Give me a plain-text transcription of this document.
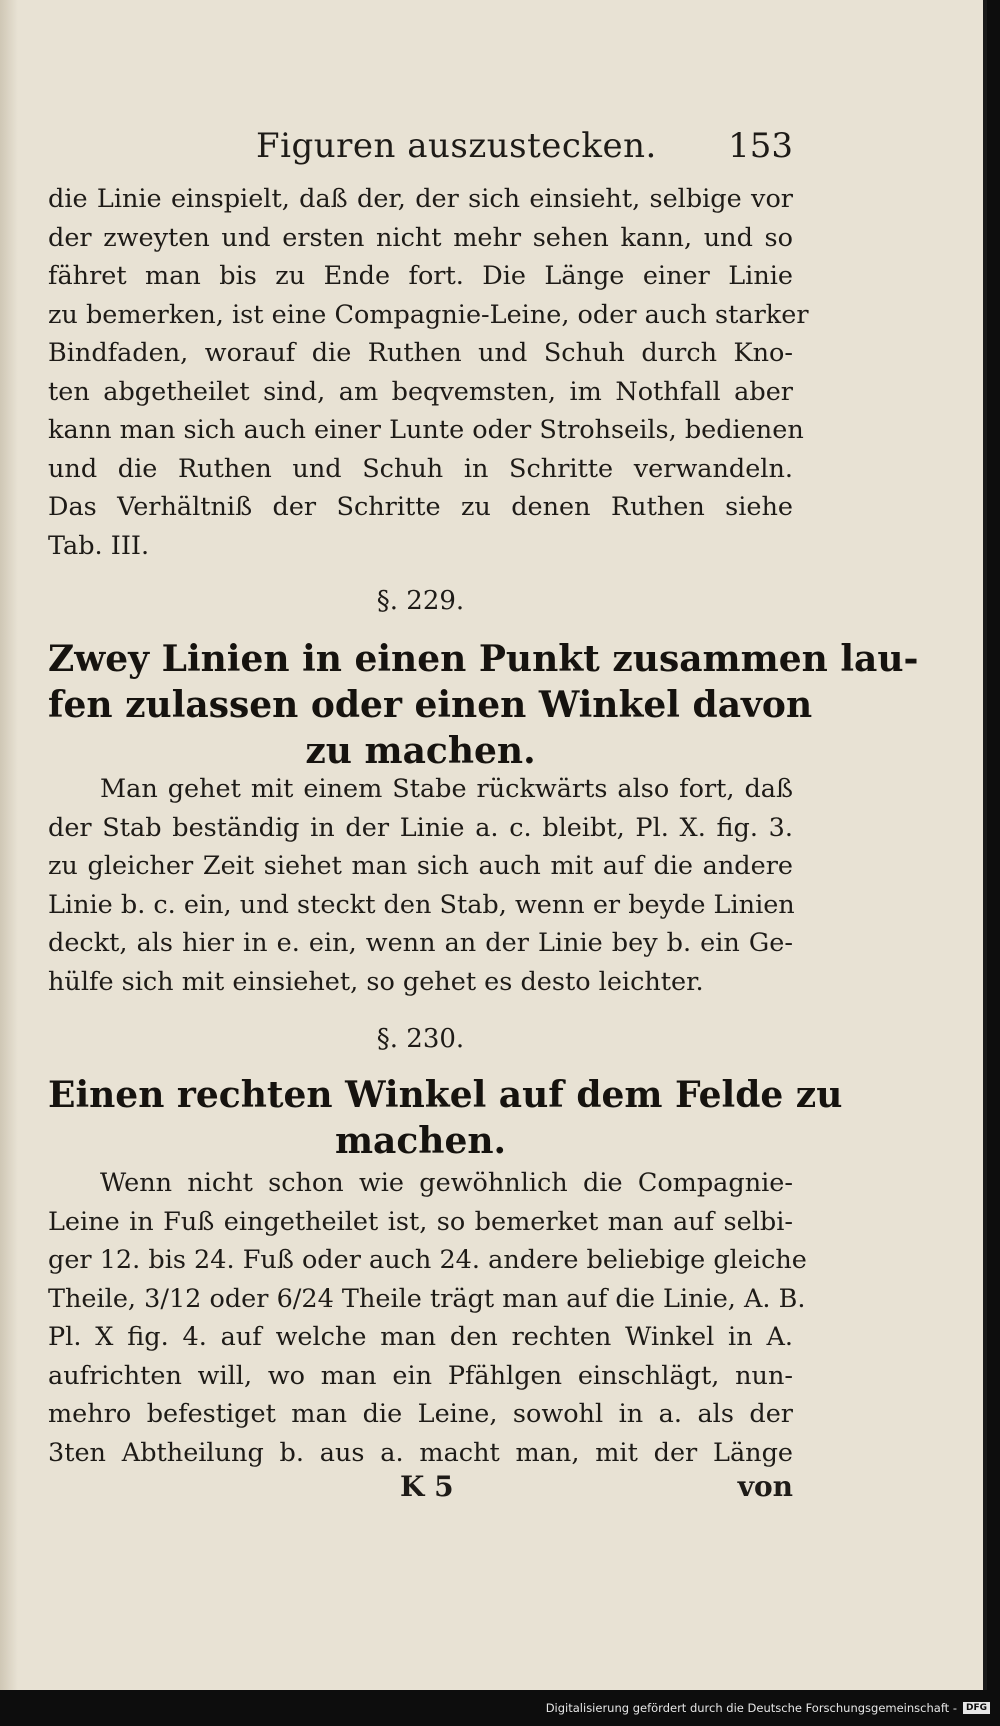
Figuren auszustecken. 153
die Linie einspielt, daß der, der sich einsieht, selbige vor
der zweyten und ersten nicht mehr sehen kann, und so
fähret man bis zu Ende fort. Die Länge einer Linie
zu bemerken, ist eine Compagnie-Leine, oder auch starker
Bindfaden, worauf die Ruthen und Schuh durch Kno-
ten abgetheilet sind, am beqvemsten, im Nothfall aber
kann man sich auch einer Lunte oder Strohseils, bedienen
und die Ruthen und Schuh in Schritte verwandeln.
Das Verhältniß der Schritte zu denen Ruthen siehe
Tab. III.
§. 229.
Zwey Linien in einen Punkt zusammen lau-
fen zulassen oder einen Winkel davon
zu machen.
Man gehet mit einem Stabe rückwärts also fort, daß
der Stab beständig in der Linie a. c. bleibt, Pl. X. fig. 3.
zu gleicher Zeit siehet man sich auch mit auf die andere
Linie b. c. ein, und steckt den Stab, wenn er beyde Linien
deckt, als hier in e. ein, wenn an der Linie bey b. ein Ge-
hülfe sich mit einsiehet, so gehet es desto leichter.
§. 230.
Einen rechten Winkel auf dem Felde zu
machen.
Wenn nicht schon wie gewöhnlich die Compagnie-
Leine in Fuß eingetheilet ist, so bemerket man auf selbi-
ger 12. bis 24. Fuß oder auch 24. andere beliebige gleiche
Theile, 3/12 oder 6/24 Theile trägt man auf die Linie, A. B.
Pl. X fig. 4. auf welche man den rechten Winkel in A.
aufrichten will, wo man ein Pfählgen einschlägt, nun-
mehro befestiget man die Leine, sowohl in a. als der
3ten Abtheilung b. aus a. macht man, mit der Länge
K 5	von
Digitalisierung gefördert durch die Deutsche Forschungsgemeinschaft -	DFG
